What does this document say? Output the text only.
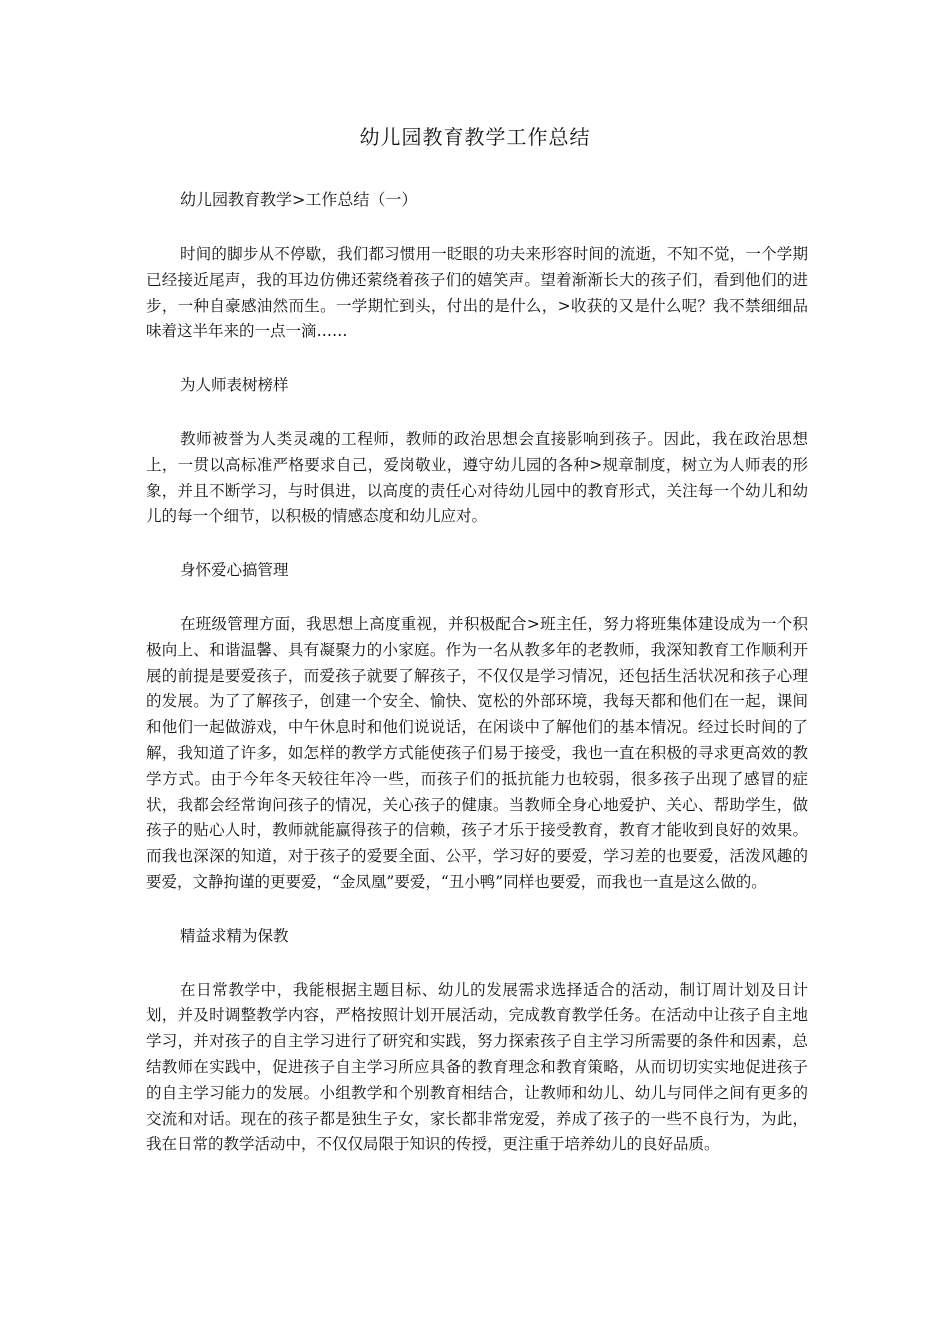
幼儿园教育教学工作总结
幼儿园教育教学>工作总结（一）

时间的脚步从不停歇，我们都习惯用一眨眼的功夫来形容时间的流逝，不知不觉，一个学期已经接近尾声，我的耳边仿佛还萦绕着孩子们的嬉笑声。望着渐渐长大的孩子们，看到他们的进步，一种自豪感油然而生。一学期忙到头，付出的是什么，>收获的又是什么呢？我不禁细细品味着这半年来的一点一滴……

为人师表树榜样

教师被誉为人类灵魂的工程师，教师的政治思想会直接影响到孩子。因此，我在政治思想上，一贯以高标准严格要求自己，爱岗敬业，遵守幼儿园的各种>规章制度，树立为人师表的形象，并且不断学习，与时俱进，以高度的责任心对待幼儿园中的教育形式，关注每一个幼儿和幼儿的每一个细节，以积极的情感态度和幼儿应对。

身怀爱心搞管理

在班级管理方面，我思想上高度重视，并积极配合>班主任，努力将班集体建设成为一个积极向上、和谐温馨、具有凝聚力的小家庭。作为一名从教多年的老教师，我深知教育工作顺利开展的前提是要爱孩子，而爱孩子就要了解孩子，不仅仅是学习情况，还包括生活状况和孩子心理的发展。为了了解孩子，创建一个安全、愉快、宽松的外部环境，我每天都和他们在一起，课间和他们一起做游戏，中午休息时和他们说说话，在闲谈中了解他们的基本情况。经过长时间的了解，我知道了许多，如怎样的教学方式能使孩子们易于接受，我也一直在积极的寻求更高效的教学方式。由于今年冬天较往年冷一些，而孩子们的抵抗能力也较弱，很多孩子出现了感冒的症状，我都会经常询问孩子的情况，关心孩子的健康。当教师全身心地爱护、关心、帮助学生，做孩子的贴心人时，教师就能赢得孩子的信赖，孩子才乐于接受教育，教育才能收到良好的效果。而我也深深的知道，对于孩子的爱要全面、公平，学习好的要爱，学习差的也要爱，活泼风趣的要爱，文静拘谨的更要爱，“金凤凰”要爱，“丑小鸭”同样也要爱，而我也一直是这么做的。

精益求精为保教

在日常教学中，我能根据主题目标、幼儿的发展需求选择适合的活动，制订周计划及日计划，并及时调整教学内容，严格按照计划开展活动，完成教育教学任务。在活动中让孩子自主地学习，并对孩子的自主学习进行了研究和实践，努力探索孩子自主学习所需要的条件和因素，总结教师在实践中，促进孩子自主学习所应具备的教育理念和教育策略，从而切切实实地促进孩子的自主学习能力的发展。小组教学和个别教育相结合，让教师和幼儿、幼儿与同伴之间有更多的交流和对话。现在的孩子都是独生子女，家长都非常宠爱，养成了孩子的一些不良行为，为此，我在日常的教学活动中，不仅仅局限于知识的传授，更注重于培养幼儿的良好品质。
